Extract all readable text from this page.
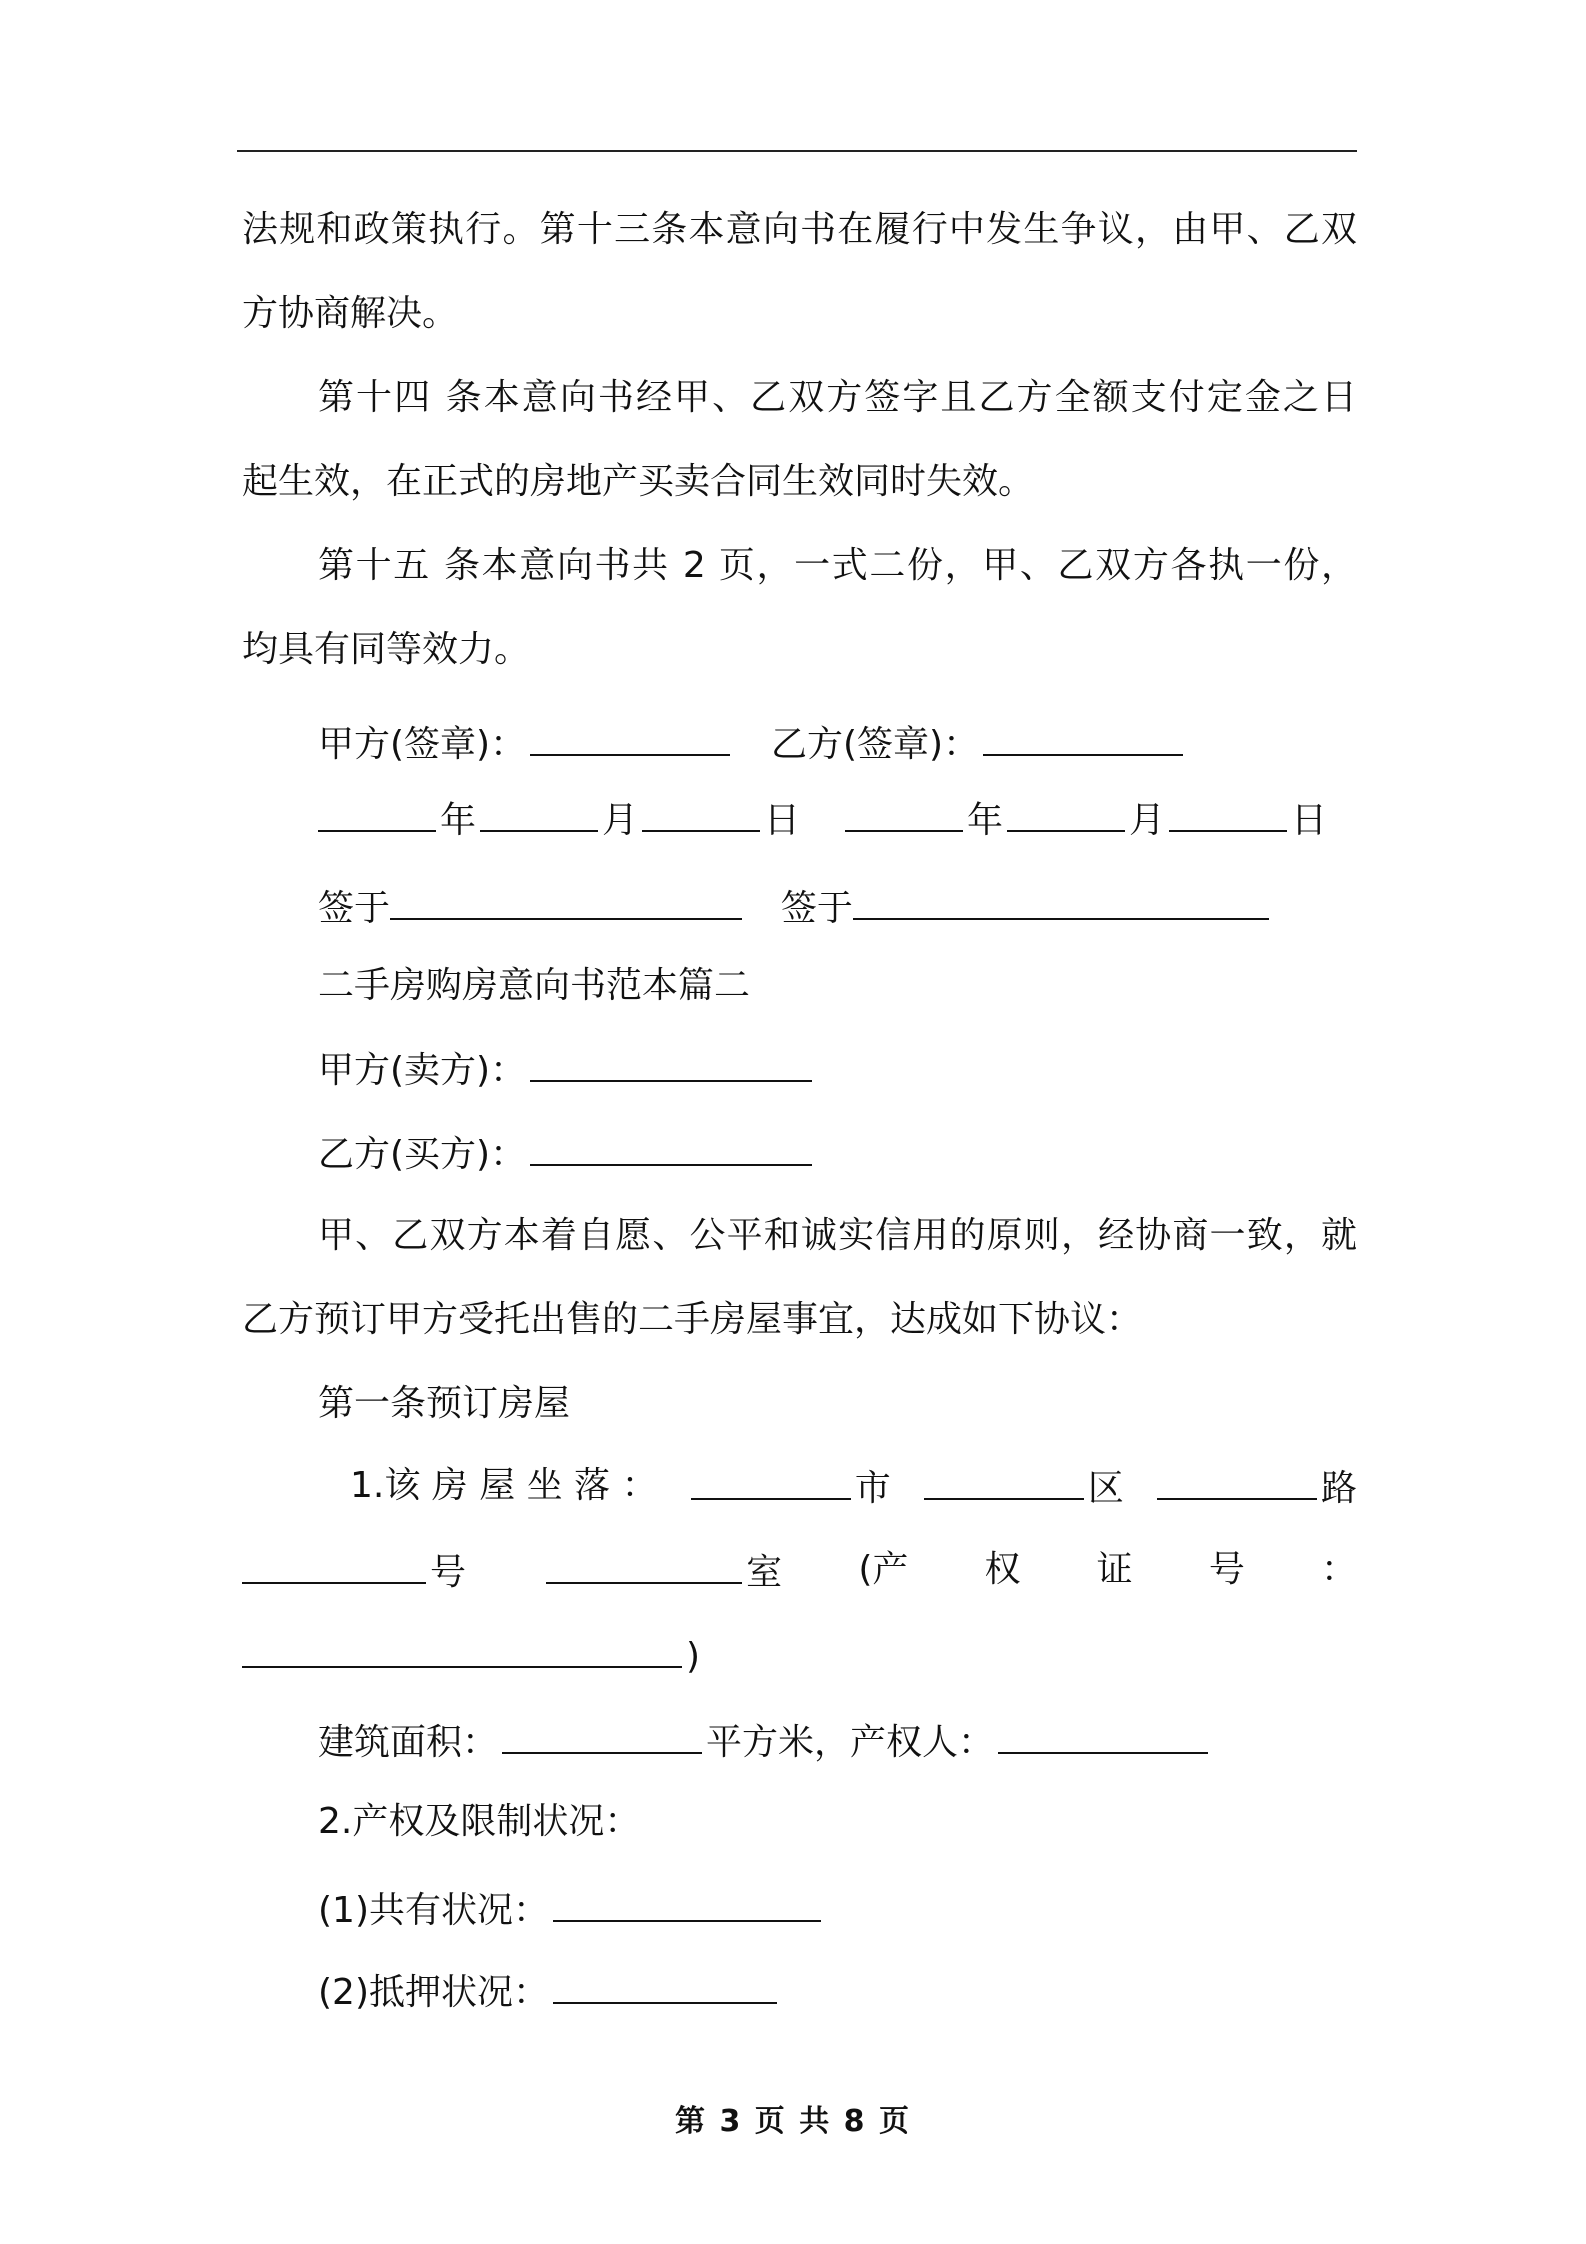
法规和政策执行。第十三条本意向书在履行中发生争议，由甲、乙双
方协商解决。
第十四 条本意向书经甲、乙双方签字且乙方全额支付定金之日
起生效，在正式的房地产买卖合同生效同时失效。
第十五 条本意向书共 2 页，一式二份，甲、乙双方各执一份，
均具有同等效力。
甲方(签章)：	乙方(签章)：
年	月	日	年	月	日
签于	签于
二手房购房意向书范本篇二
甲方(卖方)：
乙方(买方)：
甲、乙双方本着自愿、公平和诚实信用的原则，经协商一致，就
乙方预订甲方受托出售的二手房屋事宜，达成如下协议：
第一条预订房屋
1.该 房 屋 坐 落 ：	市	区	路
号	室 (产 权 证 号 ：
)
建筑面积：	平方米，产权人：
2.产权及限制状况：
(1)共有状况：
(2)抵押状况：
第 3 页 共 8 页
